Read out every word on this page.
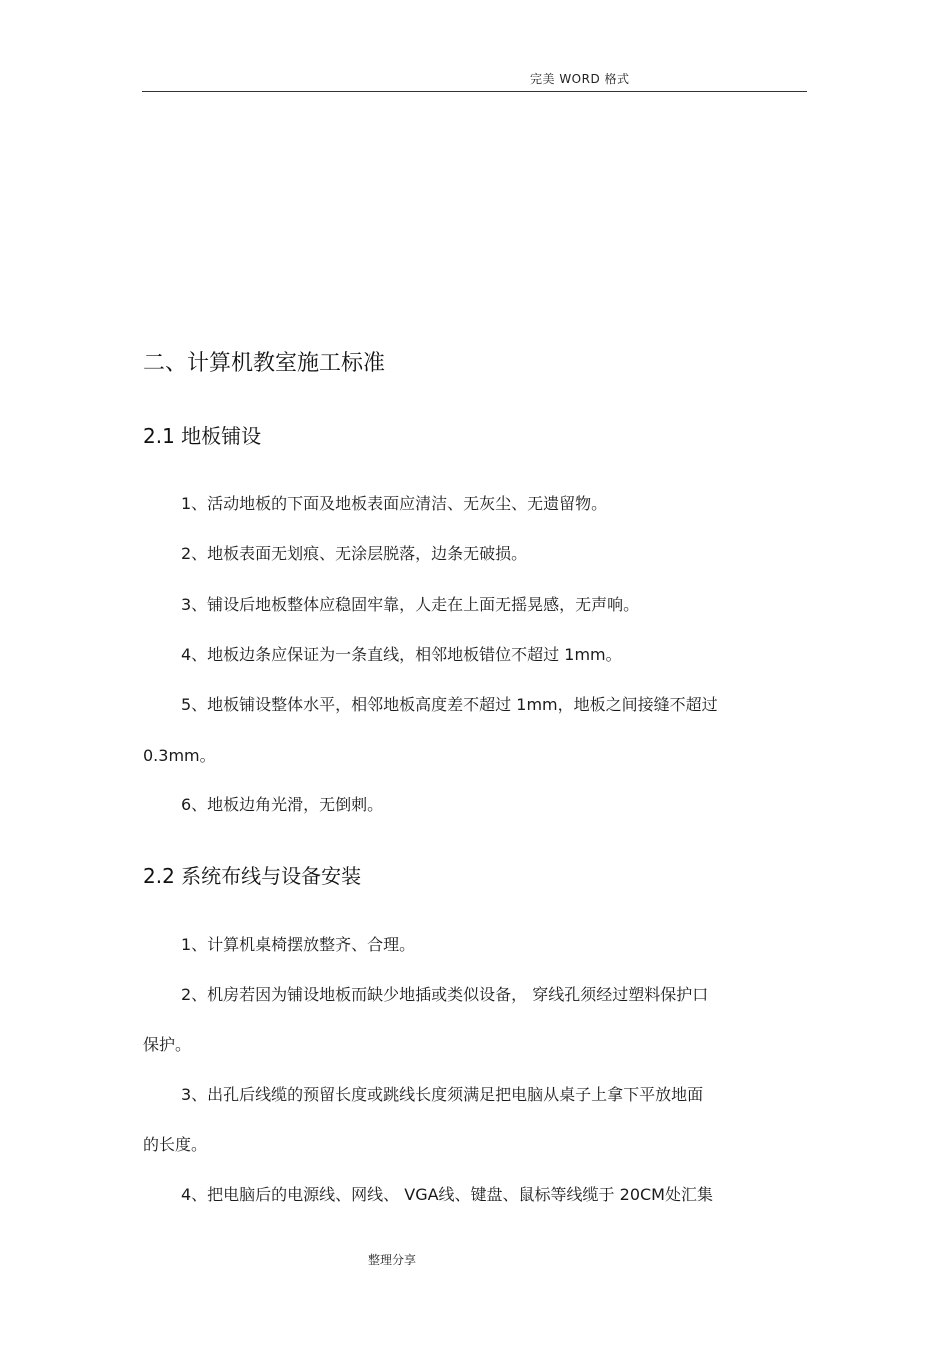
完美 WORD 格式
二、计算机教室施工标准
2.1 地板铺设
1、活动地板的下面及地板表面应清洁、无灰尘、无遗留物。
2、地板表面无划痕、无涂层脱落，边条无破损。
3、铺设后地板整体应稳固牢靠，人走在上面无摇晃感，无声响。
4、地板边条应保证为一条直线，相邻地板错位不超过 1mm。
5、地板铺设整体水平，相邻地板高度差不超过 1mm，地板之间接缝不超过
0.3mm。
6、地板边角光滑，无倒刺。
2.2 系统布线与设备安装
1、计算机桌椅摆放整齐、合理。
2、机房若因为铺设地板而缺少地插或类似设备， 穿线孔须经过塑料保护口
保护。
3、出孔后线缆的预留长度或跳线长度须满足把电脑从桌子上拿下平放地面
的长度。
4、把电脑后的电源线、网线、 VGA线、键盘、鼠标等线缆于 20CM处汇集
整理分享
